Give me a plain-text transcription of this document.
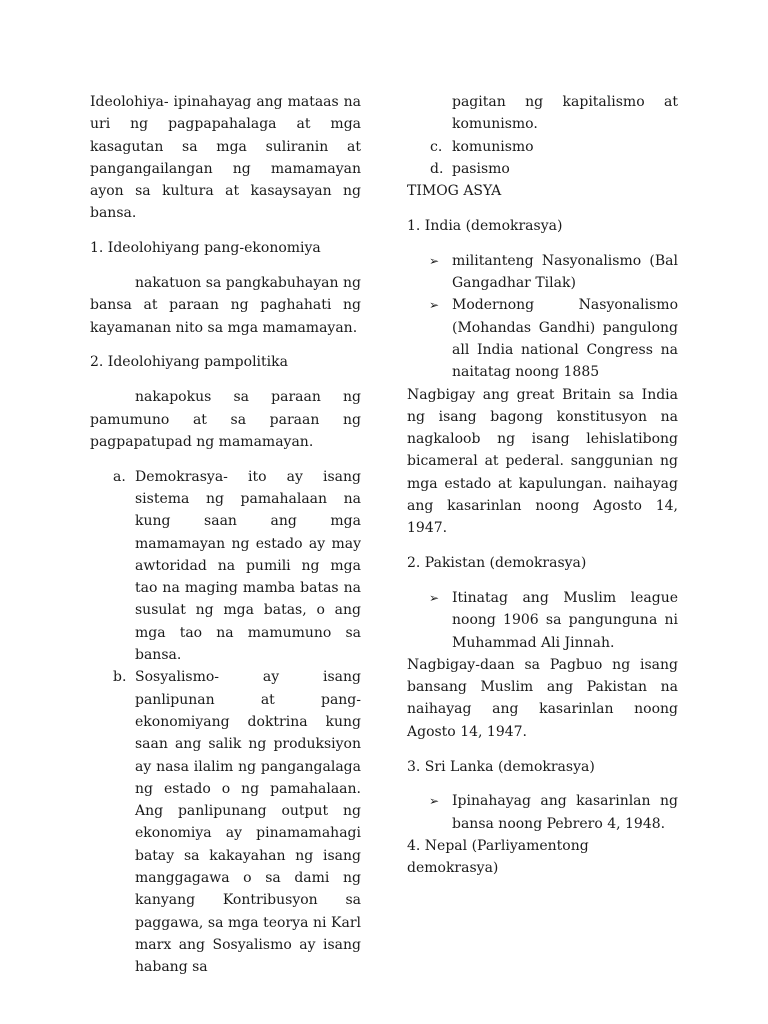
Ideolohiya- ipinahayag ang mataas na uri ng pagpapahalaga at mga kasagutan sa mga suliranin at pangangailangan ng mamamayan ayon sa kultura at kasaysayan ng bansa.

1. Ideolohiyang pang-ekonomiya

nakatuon sa pangkabuhayan ng bansa at paraan ng paghahati ng kayamanan nito sa mga mamamayan.

2. Ideolohiyang pampolitika

nakapokus sa paraan ng pamumuno at sa paraan ng pagpapatupad ng mamamayan.

a. Demokrasya- ito ay isang sistema ng pamahalaan na kung saan ang mga mamamayan ng estado ay may awtoridad na pumili ng mga tao na maging mamba batas na susulat ng mga batas, o ang mga tao na mamumuno sa bansa.
b. Sosyalismo- ay isang panlipunan at pang-ekonomiyang doktrina kung saan ang salik ng produksiyon ay nasa ilalim ng pangangalaga ng estado o ng pamahalaan. Ang panlipunang output ng ekonomiya ay pinamamahagi batay sa kakayahan ng isang manggagawa o sa dami ng kanyang Kontribusyon sa paggawa, sa mga teorya ni Karl marx ang Sosyalismo ay isang habang sa

pagitan ng kapitalismo at komunismo.

c. komunismo
d. pasismo

TIMOG ASYA

1. India (demokrasya)

➢ militanteng Nasyonalismo (Bal Gangadhar Tilak)
➢ Modernong Nasyonalismo (Mohandas Gandhi) pangulong all India national Congress na naitatag noong 1885

Nagbigay ang great Britain sa India ng isang bagong konstitusyon na nagkaloob ng isang lehislatibong bicameral at pederal. sanggunian ng mga estado at kapulungan. naihayag ang kasarinlan noong Agosto 14, 1947.

2. Pakistan (demokrasya)

➢ Itinatag ang Muslim league noong 1906 sa pangunguna ni Muhammad Ali Jinnah.

Nagbigay-daan sa Pagbuo ng isang bansang Muslim ang Pakistan na naihayag ang kasarinlan noong Agosto 14, 1947.

3. Sri Lanka (demokrasya)

➢ Ipinahayag ang kasarinlan ng bansa noong Pebrero 4, 1948.

4. Nepal (Parliyamentong demokrasya)
